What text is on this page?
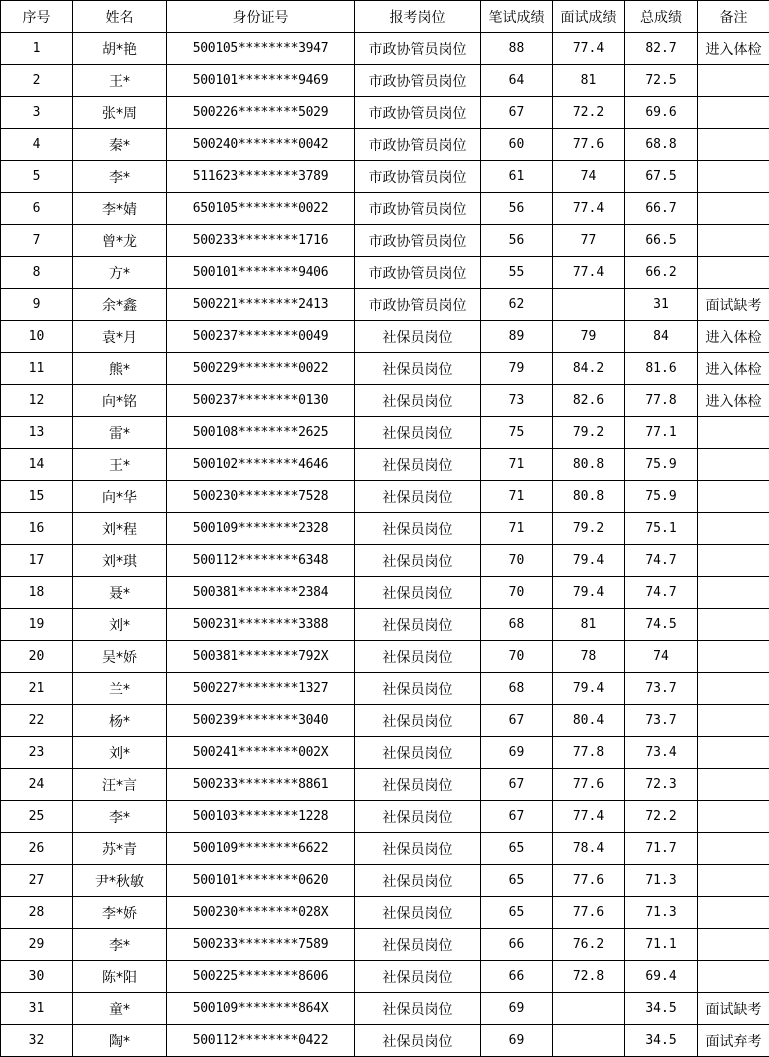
序号	姓名	身份证号	报考岗位	笔试成绩	面试成绩	总成绩	备注
1	胡*艳	500105********3947	市政协管员岗位	88	77.4	82.7	进入体检
2	王*	500101********9469	市政协管员岗位	64	81	72.5	
3	张*周	500226********5029	市政协管员岗位	67	72.2	69.6	
4	秦*	500240********0042	市政协管员岗位	60	77.6	68.8	
5	李*	511623********3789	市政协管员岗位	61	74	67.5	
6	李*婧	650105********0022	市政协管员岗位	56	77.4	66.7	
7	曾*龙	500233********1716	市政协管员岗位	56	77	66.5	
8	方*	500101********9406	市政协管员岗位	55	77.4	66.2	
9	余*鑫	500221********2413	市政协管员岗位	62		31	面试缺考
10	袁*月	500237********0049	社保员岗位	89	79	84	进入体检
11	熊*	500229********0022	社保员岗位	79	84.2	81.6	进入体检
12	向*铭	500237********0130	社保员岗位	73	82.6	77.8	进入体检
13	雷*	500108********2625	社保员岗位	75	79.2	77.1	
14	王*	500102********4646	社保员岗位	71	80.8	75.9	
15	向*华	500230********7528	社保员岗位	71	80.8	75.9	
16	刘*程	500109********2328	社保员岗位	71	79.2	75.1	
17	刘*琪	500112********6348	社保员岗位	70	79.4	74.7	
18	聂*	500381********2384	社保员岗位	70	79.4	74.7	
19	刘*	500231********3388	社保员岗位	68	81	74.5	
20	吴*娇	500381********792X	社保员岗位	70	78	74	
21	兰*	500227********1327	社保员岗位	68	79.4	73.7	
22	杨*	500239********3040	社保员岗位	67	80.4	73.7	
23	刘*	500241********002X	社保员岗位	69	77.8	73.4	
24	汪*言	500233********8861	社保员岗位	67	77.6	72.3	
25	李*	500103********1228	社保员岗位	67	77.4	72.2	
26	苏*青	500109********6622	社保员岗位	65	78.4	71.7	
27	尹*秋敏	500101********0620	社保员岗位	65	77.6	71.3	
28	李*娇	500230********028X	社保员岗位	65	77.6	71.3	
29	李*	500233********7589	社保员岗位	66	76.2	71.1	
30	陈*阳	500225********8606	社保员岗位	66	72.8	69.4	
31	童*	500109********864X	社保员岗位	69		34.5	面试缺考
32	陶*	500112********0422	社保员岗位	69		34.5	面试弃考
